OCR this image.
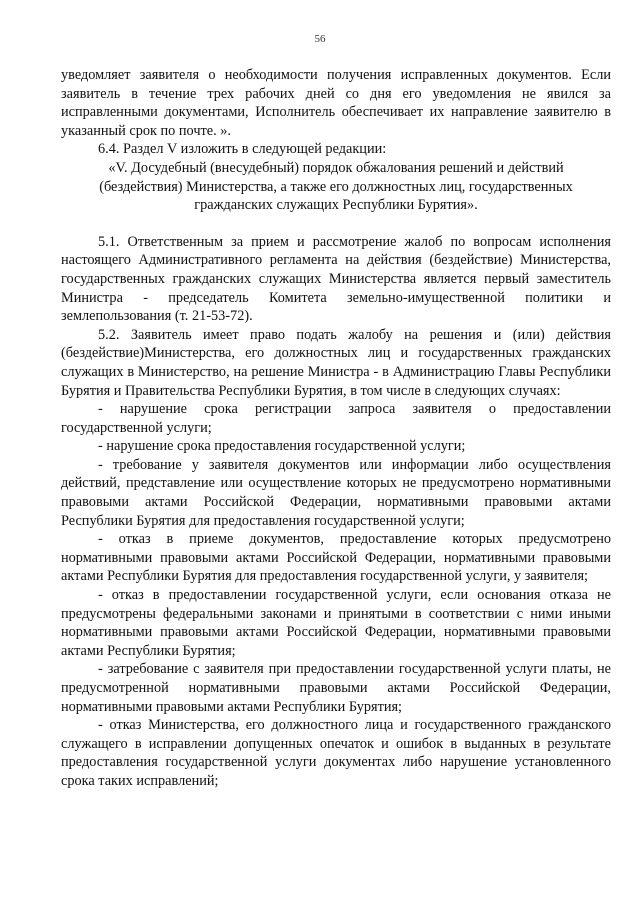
56

уведомляет заявителя о необходимости получения исправленных документов. Если заявитель в течение трех рабочих дней со дня его уведомления не явился за исправленными документами, Исполнитель обеспечивает их направление заявителю в указанный срок по почте. ».

6.4. Раздел V изложить в следующей редакции:

«V. Досудебный (внесудебный) порядок обжалования решений и действий (бездействия) Министерства, а также его должностных лиц, государственных гражданских служащих Республики Бурятия».

5.1. Ответственным за прием и рассмотрение жалоб по вопросам исполнения настоящего Административного регламента на действия (бездействие) Министерства, государственных гражданских служащих Министерства является первый заместитель Министра - председатель Комитета земельно-имущественной политики и землепользования (т. 21-53-72).

5.2. Заявитель имеет право подать жалобу на решения и (или) действия (бездействие)Министерства, его должностных лиц и государственных гражданских служащих в Министерство, на решение Министра - в Администрацию Главы Республики Бурятия и Правительства Республики Бурятия, в том числе в следующих случаях:

- нарушение срока регистрации запроса заявителя о предоставлении государственной услуги;

- нарушение срока предоставления государственной услуги;

- требование у заявителя документов или информации либо осуществления действий, представление или осуществление которых не предусмотрено нормативными правовыми актами Российской Федерации, нормативными правовыми актами Республики Бурятия для предоставления государственной услуги;

- отказ в приеме документов, предоставление которых предусмотрено нормативными правовыми актами Российской Федерации, нормативными правовыми актами Республики Бурятия для предоставления государственной услуги, у заявителя;

- отказ в предоставлении государственной услуги, если основания отказа не предусмотрены федеральными законами и принятыми в соответствии с ними иными нормативными правовыми актами Российской Федерации, нормативными правовыми актами Республики Бурятия;

- затребование с заявителя при предоставлении государственной услуги платы, не предусмотренной нормативными правовыми актами Российской Федерации, нормативными правовыми актами Республики Бурятия;

- отказ Министерства, его должностного лица и государственного гражданского служащего в исправлении допущенных опечаток и ошибок в выданных в результате предоставления государственной услуги документах либо нарушение установленного срока таких исправлений;
